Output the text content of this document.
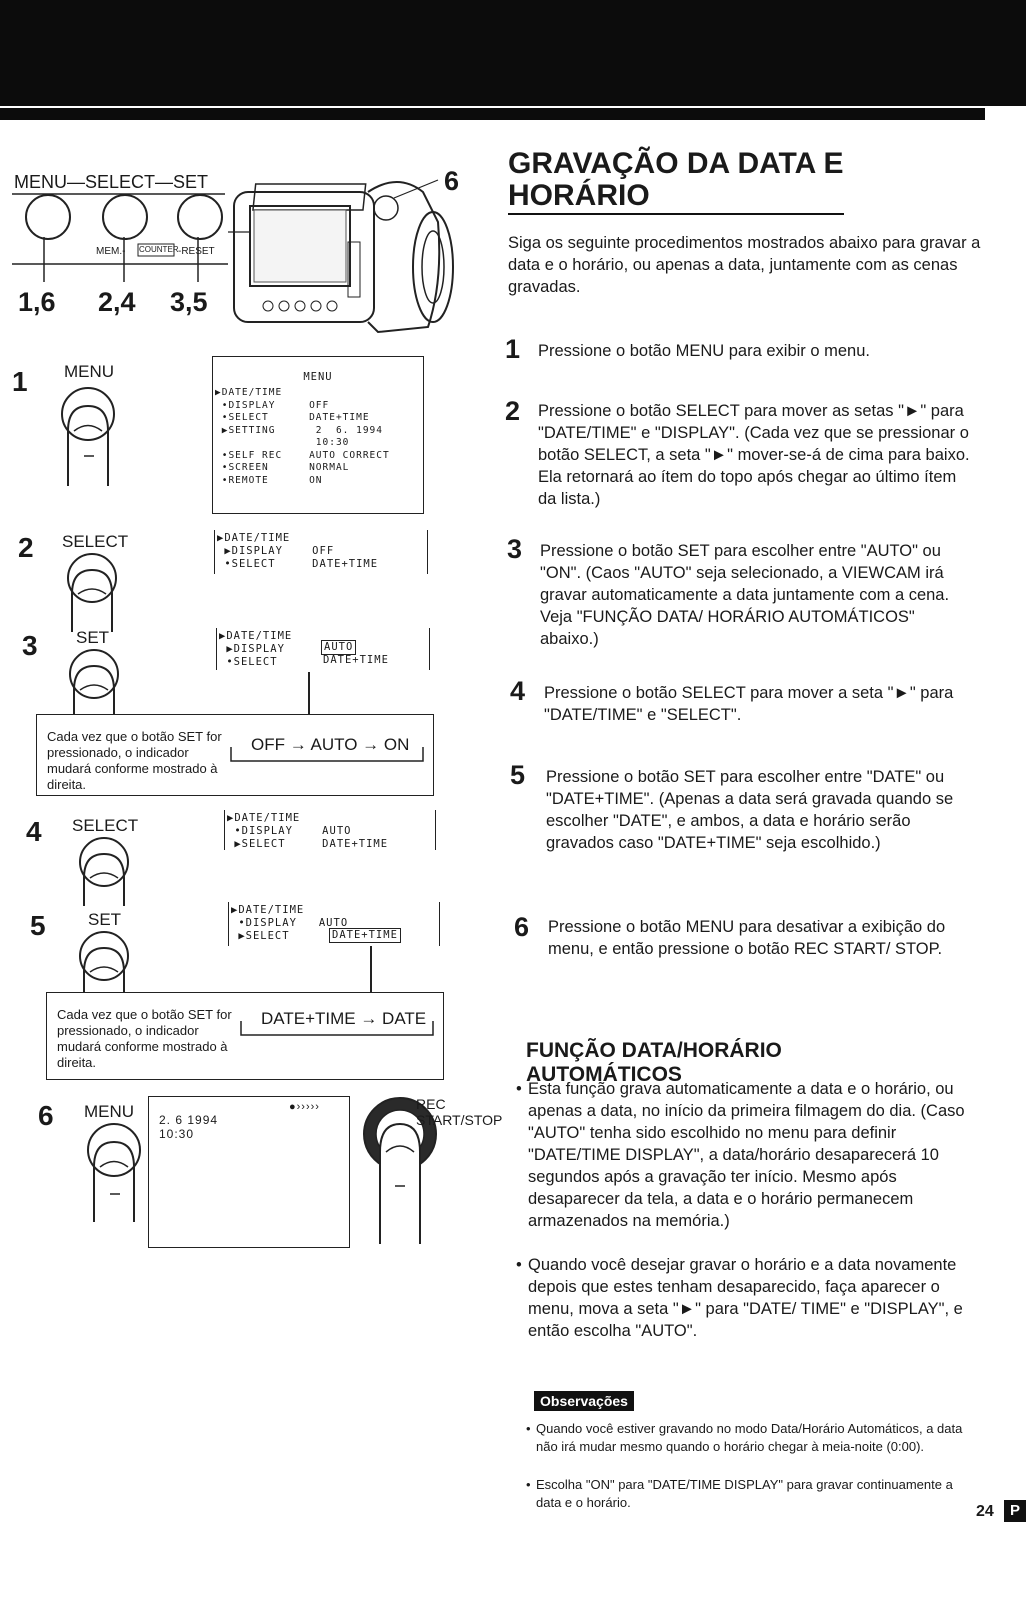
MENU—SELECT—SET
MEM.- COUNTER -RESET
1,6 2,4 3,5
6
1 MENU	MENU
▶DATE/TIME
•DISPLAY     OFF
•SELECT      DATE+TIME
▶SETTING      2  6. 1994
10:30
•SELF REC    AUTO CORRECT
•SCREEN      NORMAL
•REMOTE      ON
2 SELECT	▶DATE/TIME
▶DISPLAY    OFF
•SELECT     DATE+TIME
3 SET	▶DATE/TIME
▶DISPLAY
•SELECT
AUTO
DATE+TIME
Cada vez que o botão SET for pressionado, o indicador mudará conforme mostrado à direita.
OFF → AUTO → ON
4 SELECT	▶DATE/TIME
•DISPLAY    AUTO
▶SELECT     DATE+TIME
5 SET	▶DATE/TIME
•DISPLAY   AUTO
▶SELECT	DATE+TIME
Cada vez que o botão SET for pressionado, o indicador mudará conforme mostrado à direita.
DATE+TIME → DATE
6 MENU 2. 6 1994
10:30
●›››››	REC
START/STOP
GRAVAÇÃO DA DATA E
HORÁRIO
Siga os seguinte procedimentos mostrados abaixo para gravar a data e o horário, ou apenas a data, juntamente com as cenas gravadas.
1 Pressione o botão MENU para exibir o menu.
2 Pressione o botão SELECT para mover as setas "►" para "DATE/TIME" e "DISPLAY". (Cada vez que se pressionar o botão SELECT, a seta "►" mover-se-á de cima para baixo. Ela retornará ao ítem do topo após chegar ao último ítem da lista.)
3 Pressione o botão SET para escolher entre "AUTO" ou "ON". (Caos "AUTO" seja selecionado, a VIEWCAM irá gravar automaticamente a data juntamente com a cena. Veja "FUNÇÃO DATA/ HORÁRIO AUTOMÁTICOS" abaixo.)
4 Pressione o botão SELECT para mover a seta "►" para "DATE/TIME" e "SELECT".
5 Pressione o botão SET para escolher entre "DATE" ou "DATE+TIME". (Apenas a data será gravada quando se escolher "DATE", e ambos, a data e horário serão gravados caso "DATE+TIME" seja escolhido.)
6 Pressione o botão MENU para desativar a exibição do menu, e então pressione o botão REC START/ STOP.
FUNÇÃO DATA/HORÁRIO
AUTOMÁTICOS
• Esta função grava automaticamente a data e o horário, ou apenas a data, no início da primeira filmagem do dia. (Caso "AUTO" tenha sido escolhido no menu para definir "DATE/TIME DISPLAY", a data/horário desaparecerá 10 segundos após a gravação ter início. Mesmo após desaparecer da tela, a data e o horário permanecem armazenados na memória.)
• Quando você desejar gravar o horário e a data novamente depois que estes tenham desaparecido, faça aparecer o menu, mova a seta "►" para "DATE/ TIME" e "DISPLAY", e então escolha "AUTO".
Observações
• Quando você estiver gravando no modo Data/Horário Automáticos, a data não irá mudar mesmo quando o horário chegar à meia-noite (0:00).
• Escolha "ON" para "DATE/TIME DISPLAY" para gravar continuamente a data e o horário.
24	P
